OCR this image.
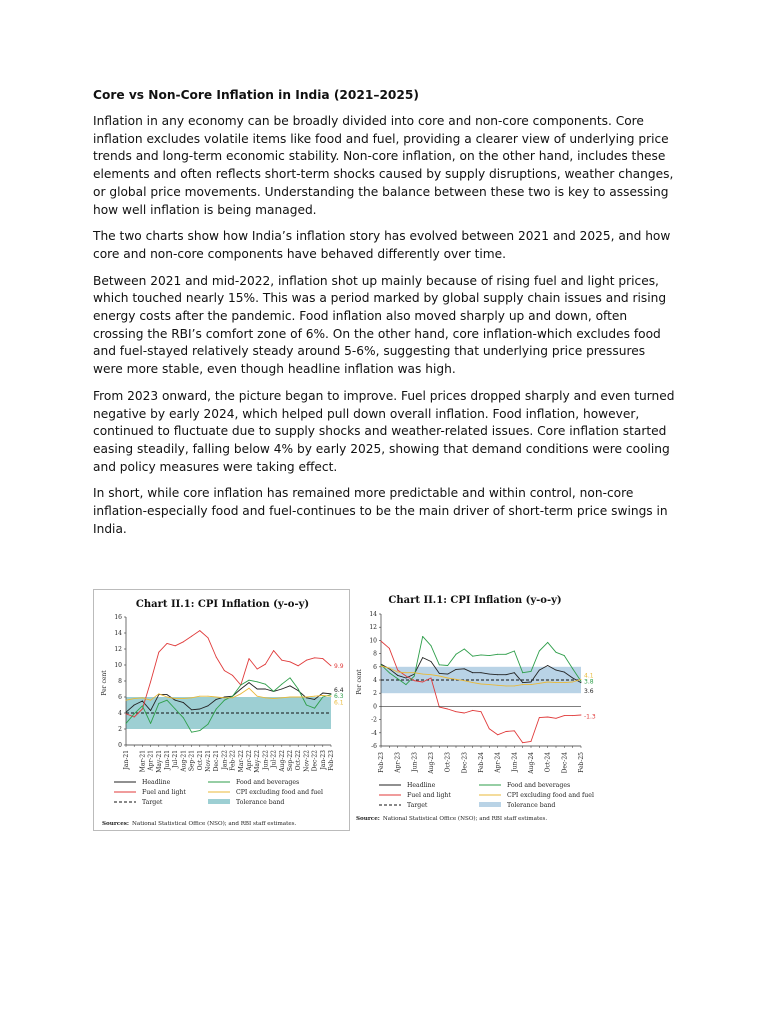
Core vs Non-Core Inflation in India (2021–2025)

Inflation in any economy can be broadly divided into core and non-core components. Core inflation excludes volatile items like food and fuel, providing a clearer view of underlying price trends and long-term economic stability. Non-core inflation, on the other hand, includes these elements and often reflects short-term shocks caused by supply disruptions, weather changes, or global price movements. Understanding the balance between these two is key to assessing how well inflation is being managed.

The two charts show how India’s inflation story has evolved between 2021 and 2025, and how core and non-core components have behaved differently over time.

Between 2021 and mid-2022, inflation shot up mainly because of rising fuel and light prices, which touched nearly 15%. This was a period marked by global supply chain issues and rising energy costs after the pandemic. Food inflation also moved sharply up and down, often crossing the RBI’s comfort zone of 6%. On the other hand, core inflation-which excludes food and fuel-stayed relatively steady around 5-6%, suggesting that underlying price pressures were more stable, even though headline inflation was high.

From 2023 onward, the picture began to improve. Fuel prices dropped sharply and even turned negative by early 2024, which helped pull down overall inflation. Food inflation, however, continued to fluctuate due to supply shocks and weather-related issues. Core inflation started easing steadily, falling below 4% by early 2025, showing that demand conditions were cooling and policy measures were taking effect.

In short, while core inflation has remained more predictable and within control, non-core inflation-especially food and fuel-continues to be the main driver of short-term price swings in India.

Chart II.1: CPI Inflation (y-o-y)
0
2
4
6
8
10
12
14
16
Per cent
Jan-21 Mar-21 May-21 Jul-21 Sep-21 Nov-21 Jan-22 Mar-22 May-22 Jul-22 Sep-22 Nov-22 Jan-23 Feb-23
Apr-21 Jun-21 Aug-21 Oct-21 Dec-21 Feb-22 Apr-22 Jun-22 Aug-22 Oct-22 Dec-22
9.9
6.4
6.3
6.1
Headline	Food and beverages
Fuel and light	CPI excluding food and fuel
Target	Tolerance band
Sources: National Statistical Office (NSO); and RBI staff estimates.
Chart II.1: CPI Inflation (y-o-y)
-6
-4
-2
0
2
4
6
8
10
12
14
Per cent
Feb-23 Apr-23 Jun-23 Aug-23 Oct-23 Dec-23 Feb-24 Apr-24 Jun-24 Aug-24 Oct-24 Dec-24 Feb-25
4.1
3.8
3.6
-1.3
Headline	Food and beverages
Fuel and light	CPI excluding food and fuel
Target	Tolerance band
Source: National Statistical Office (NSO); and RBI staff estimates.
